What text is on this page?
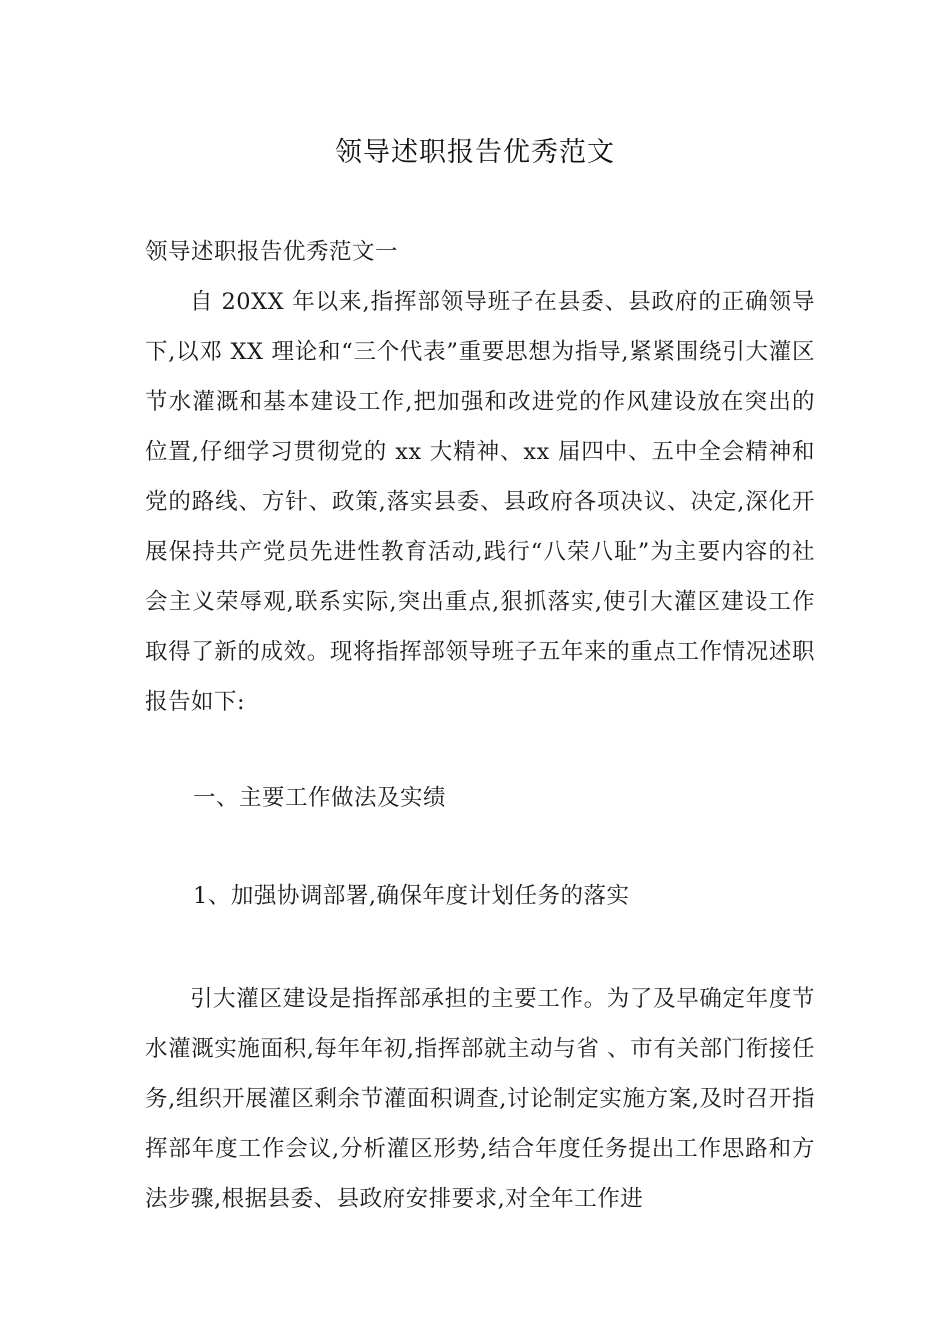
领导述职报告优秀范文
领导述职报告优秀范文一

自 20XX 年以来,指挥部领导班子在县委、县政府的正确领导下,以邓 XX 理论和“三个代表”重要思想为指导,紧紧围绕引大灌区节水灌溉和基本建设工作,把加强和改进党的作风建设放在突出的位置,仔细学习贯彻党的 xx 大精神、xx 届四中、五中全会精神和党的路线、方针、政策,落实县委、县政府各项决议、决定,深化开展保持共产党员先进性教育活动,践行“八荣八耻”为主要内容的社会主义荣辱观,联系实际,突出重点,狠抓落实,使引大灌区建设工作取得了新的成效。现将指挥部领导班子五年来的重点工作情况述职报告如下:

一、主要工作做法及实绩
1、加强协调部署,确保年度计划任务的落实

引大灌区建设是指挥部承担的主要工作。为了及早确定年度节水灌溉实施面积,每年年初,指挥部就主动与省 、市有关部门衔接任务,组织开展灌区剩余节灌面积调查,讨论制定实施方案,及时召开指挥部年度工作会议,分析灌区形势,结合年度任务提出工作思路和方法步骤,根据县委、县政府安排要求,对全年工作进
